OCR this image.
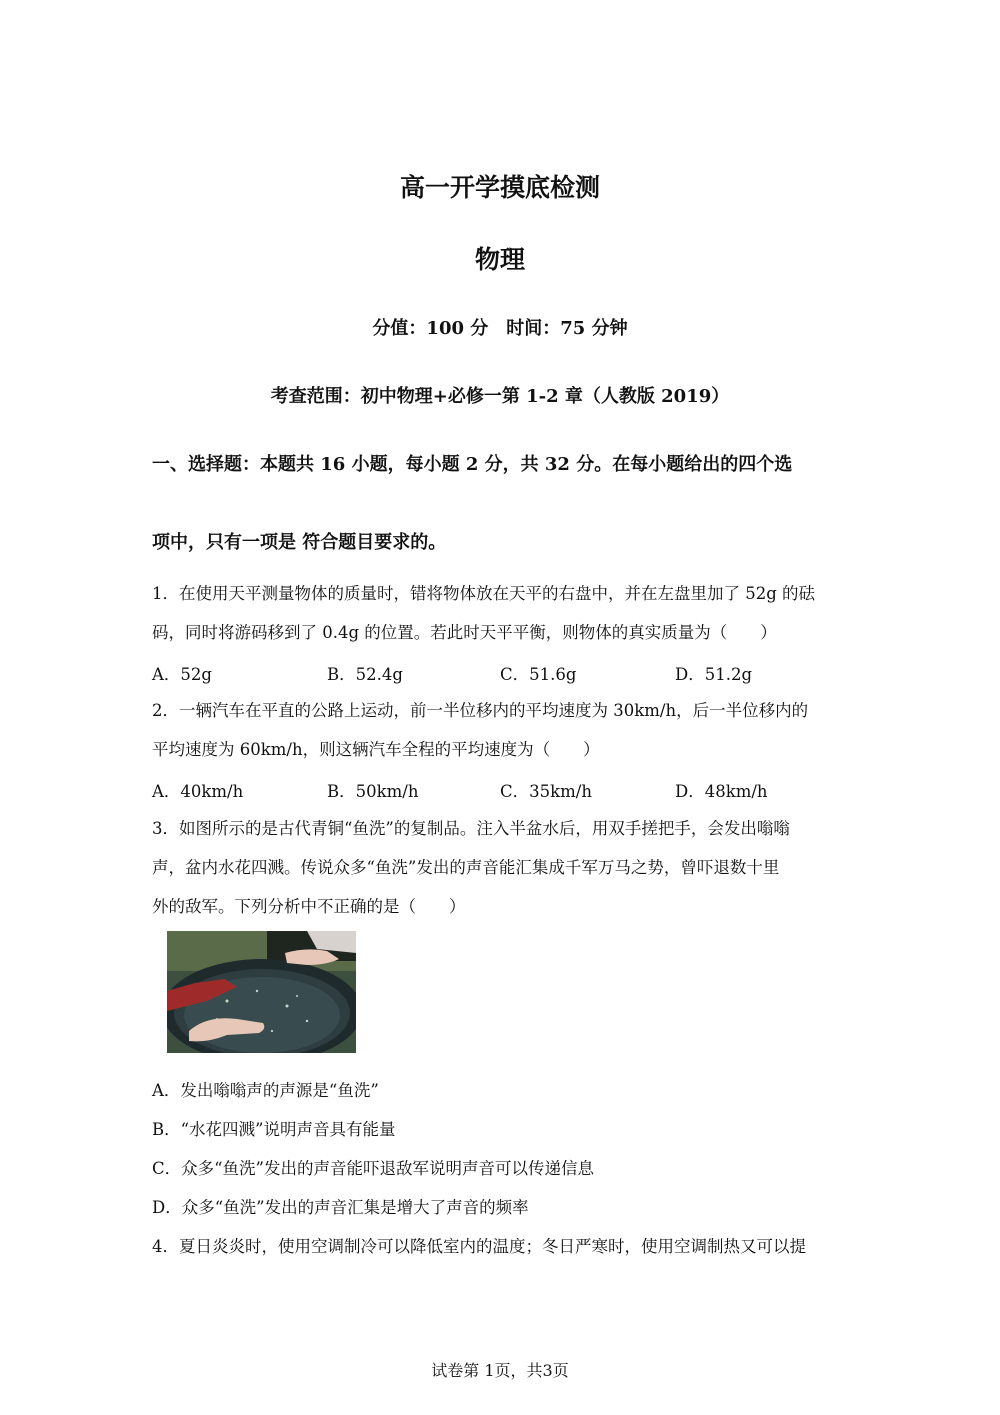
高一开学摸底检测
物理
分值：100 分　时间：75 分钟
考查范围：初中物理+必修一第 1-2 章（人教版 2019）
一、选择题：本题共 16 小题，每小题 2 分，共 32 分。在每小题给出的四个选
项中，只有一项是 符合题目要求的。
1．在使用天平测量物体的质量时，错将物体放在天平的右盘中，并在左盘里加了 52g 的砝
码，同时将游码移到了 0.4g 的位置。若此时天平平衡，则物体的真实质量为（　　）
A．52g	B．52.4g	C．51.6g	D．51.2g
2．一辆汽车在平直的公路上运动，前一半位移内的平均速度为 30km/h，后一半位移内的
平均速度为 60km/h，则这辆汽车全程的平均速度为（　　）
A．40km/h	B．50km/h	C．35km/h	D．48km/h
3．如图所示的是古代青铜“鱼洗”的复制品。注入半盆水后，用双手搓把手，会发出嗡嗡
声，盆内水花四溅。传说众多“鱼洗”发出的声音能汇集成千军万马之势，曾吓退数十里
外的敌军。下列分析中不正确的是（　　）
A．发出嗡嗡声的声源是“鱼洗”
B．“水花四溅”说明声音具有能量
C．众多“鱼洗”发出的声音能吓退敌军说明声音可以传递信息
D．众多“鱼洗”发出的声音汇集是增大了声音的频率
4．夏日炎炎时，使用空调制冷可以降低室内的温度；冬日严寒时，使用空调制热又可以提
试卷第 1页，共3页
